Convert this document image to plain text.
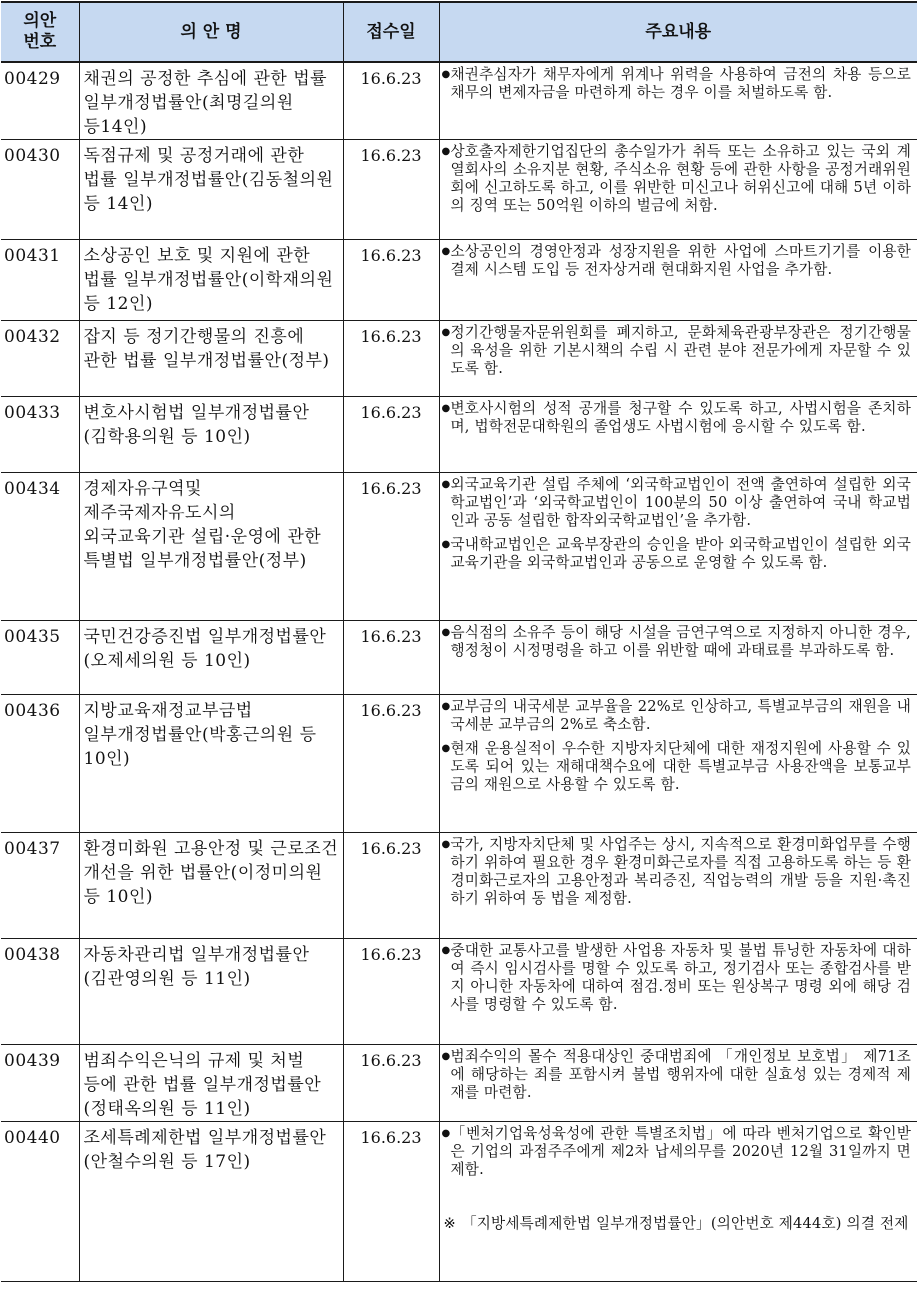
의안
번호	의 안 명	접수일	주요내용
00429	채권의 공정한 추심에 관한 법률 일부개정법률안(최명길의원 등14인)	16.6.23	● 채권추심자가 채무자에게 위계나 위력을 사용하여 금전의 차용 등으로 채무의 변제자금을 마련하게 하는 경우 이를 처벌하도록 함.

00430	독점규제 및 공정거래에 관한 법률 일부개정법률안(김동철의원 등 14인)	16.6.23	● 상호출자제한기업집단의 총수일가가 취득 또는 소유하고 있는 국외 계열회사의 소유지분 현황, 주식소유 현황 등에 관한 사항을 공정거래위원회에 신고하도록 하고, 이를 위반한 미신고나 허위신고에 대해 5년 이하의 징역 또는 50억원 이하의 벌금에 처함.

00431	소상공인 보호 및 지원에 관한 법률 일부개정법률안(이학재의원 등 12인)	16.6.23	● 소상공인의 경영안정과 성장지원을 위한 사업에 스마트기기를 이용한 결제 시스템 도입 등 전자상거래 현대화지원 사업을 추가함.

00432	잡지 등 정기간행물의 진흥에 관한 법률 일부개정법률안(정부)	16.6.23	● 정기간행물자문위원회를 폐지하고, 문화체육관광부장관은 정기간행물의 육성을 위한 기본시책의 수립 시 관련 분야 전문가에게 자문할 수 있도록 함.

00433	변호사시험법 일부개정법률안(김학용의원 등 10인)	16.6.23	● 변호사시험의 성적 공개를 청구할 수 있도록 하고, 사법시험을 존치하며, 법학전문대학원의 졸업생도 사법시험에 응시할 수 있도록 함.

00434	경제자유구역및 제주국제자유도시의 외국교육기관 설립·운영에 관한 특별법 일부개정법률안(정부)	16.6.23	● 외국교육기관 설립 주체에 ‘외국학교법인이 전액 출연하여 설립한 외국학교법인’과 ‘외국학교법인이 100분의 50 이상 출연하여 국내 학교법인과 공동 설립한 합작외국학교법인’을 추가함.
● 국내학교법인은 교육부장관의 승인을 받아 외국학교법인이 설립한 외국교육기관을 외국학교법인과 공동으로 운영할 수 있도록 함.

00435	국민건강증진법 일부개정법률안(오제세의원 등 10인)	16.6.23	● 음식점의 소유주 등이 해당 시설을 금연구역으로 지정하지 아니한 경우, 행정청이 시정명령을 하고 이를 위반할 때에 과태료를 부과하도록 함.

00436	지방교육재정교부금법 일부개정법률안(박홍근의원 등 10인)	16.6.23	● 교부금의 내국세분 교부율을 22%로 인상하고, 특별교부금의 재원을 내국세분 교부금의 2%로 축소함.
● 현재 운용실적이 우수한 지방자치단체에 대한 재정지원에 사용할 수 있도록 되어 있는 재해대책수요에 대한 특별교부금 사용잔액을 보통교부금의 재원으로 사용할 수 있도록 함.

00437	환경미화원 고용안정 및 근로조건 개선을 위한 법률안(이정미의원 등 10인)	16.6.23	● 국가, 지방자치단체 및 사업주는 상시, 지속적으로 환경미화업무를 수행하기 위하여 필요한 경우 환경미화근로자를 직접 고용하도록 하는 등 환경미화근로자의 고용안정과 복리증진, 직업능력의 개발 등을 지원·촉진하기 위하여 동 법을 제정함.

00438	자동차관리법 일부개정법률안(김관영의원 등 11인)	16.6.23	● 중대한 교통사고를 발생한 사업용 자동차 및 불법 튜닝한 자동차에 대하여 즉시 임시검사를 명할 수 있도록 하고, 정기검사 또는 종합검사를 받지 아니한 자동차에 대하여 점검.정비 또는 원상복구 명령 외에 해당 검사를 명령할 수 있도록 함.

00439	범죄수익은닉의 규제 및 처벌 등에 관한 법률 일부개정법률안(정태옥의원 등 11인)	16.6.23	● 범죄수익의 몰수 적용대상인 중대범죄에 「개인정보 보호법」 제71조에 해당하는 죄를 포함시켜 불법 행위자에 대한 실효성 있는 경제적 제재를 마련함.

00440	조세특례제한법 일부개정법률안(안철수의원 등 17인)	16.6.23	● 「벤처기업육성육성에 관한 특별조치법」에 따라 벤처기업으로 확인받은 기업의 과점주주에게 제2차 납세의무를 2020년 12월 31일까지 면제함.
※ 「지방세특례제한법 일부개정법률안」(의안번호 제444호) 의결 전제
